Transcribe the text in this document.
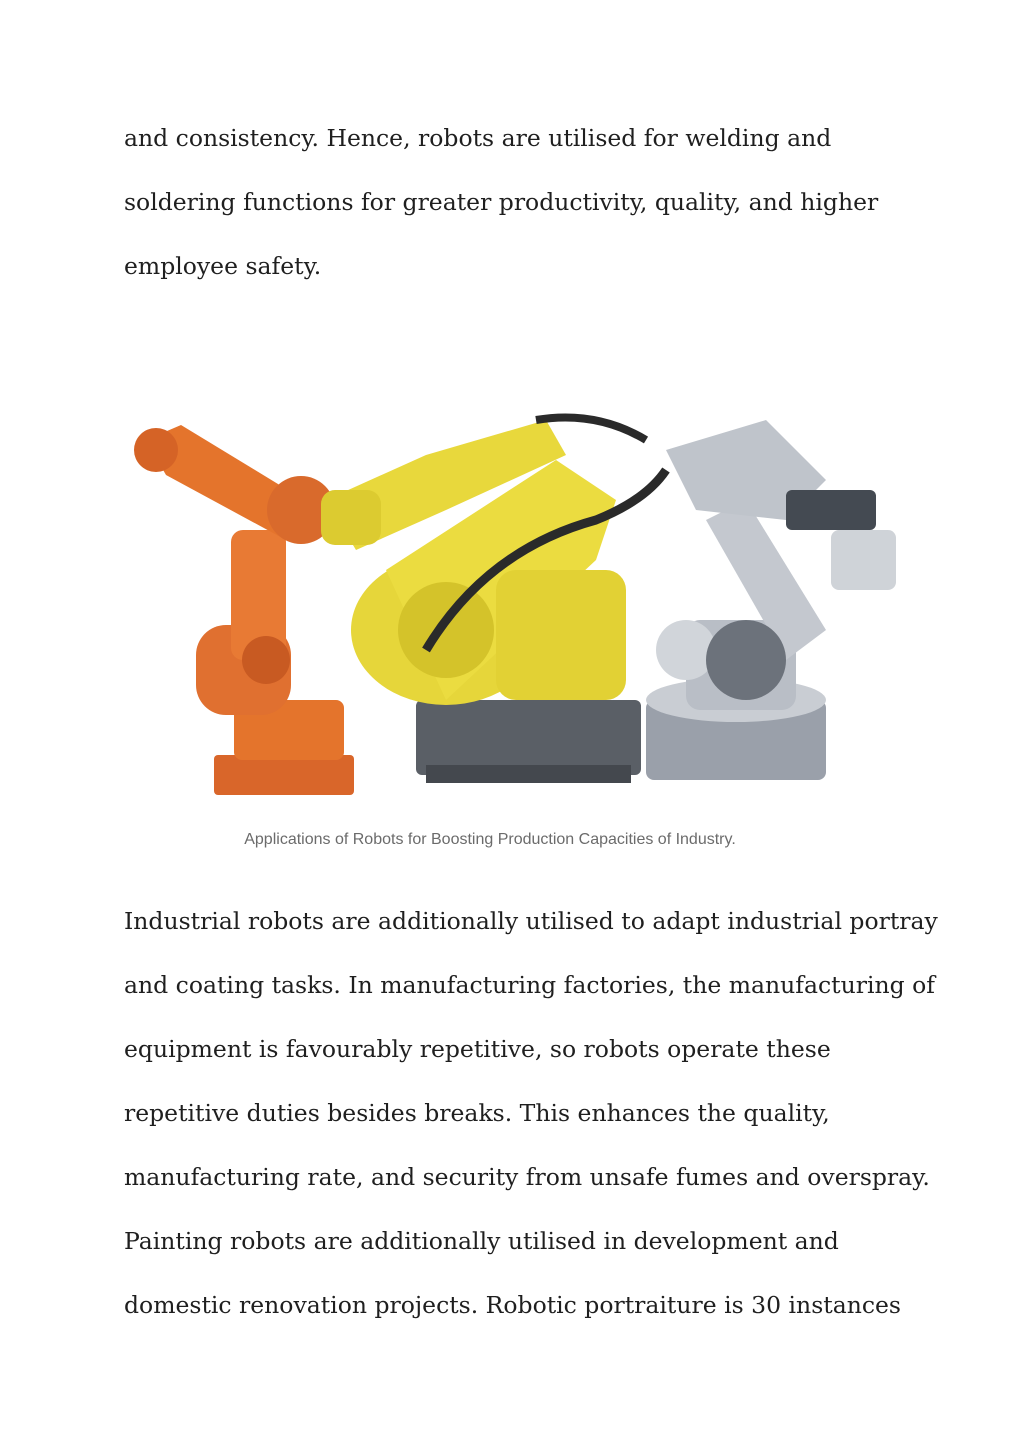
and consistency. Hence, robots are utilised for welding and
soldering functions for greater productivity, quality, and higher
employee safety.

Applications of Robots for Boosting Production Capacities of Industry.

Industrial robots are additionally utilised to adapt industrial portray
and coating tasks. In manufacturing factories, the manufacturing of
equipment is favourably repetitive, so robots operate these
repetitive duties besides breaks. This enhances the quality,
manufacturing rate, and security from unsafe fumes and overspray.
Painting robots are additionally utilised in development and
domestic renovation projects. Robotic portraiture is 30 instances
